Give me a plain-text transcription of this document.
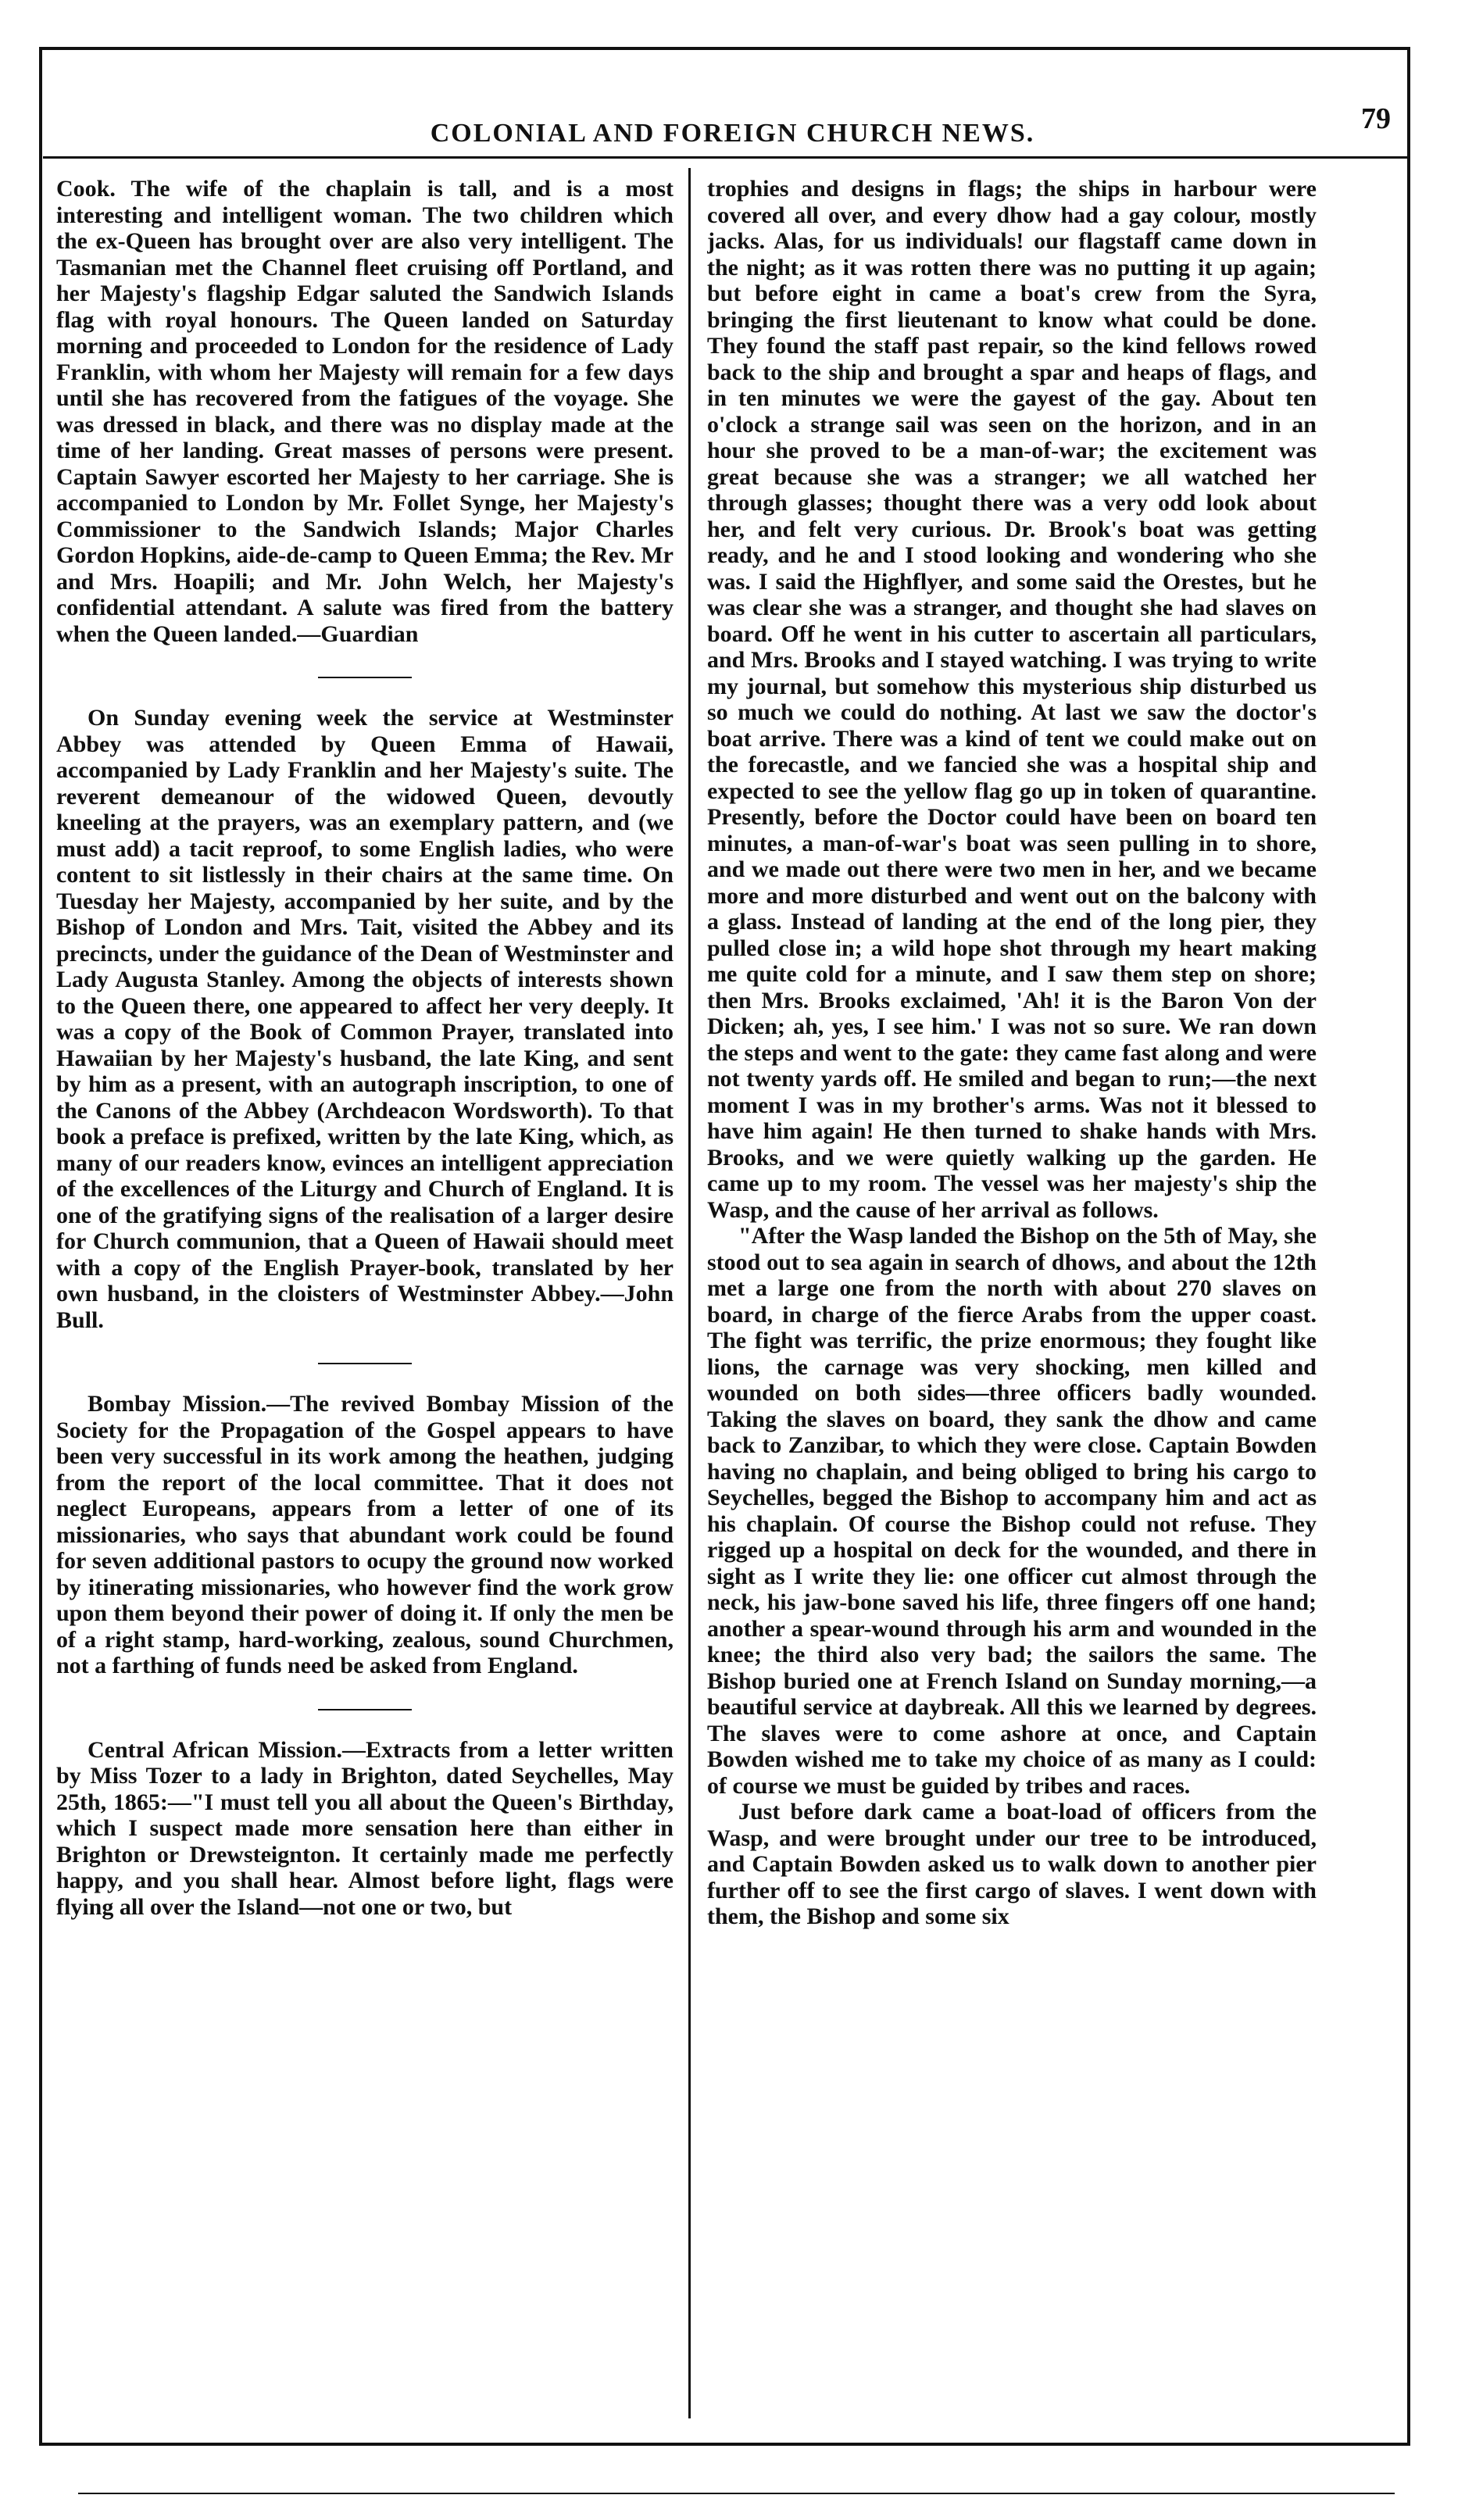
COLONIAL AND FOREIGN CHURCH NEWS.	79

Cook. The wife of the chaplain is tall, and is a most interesting and intelligent woman. The two children which the ex-Queen has brought over are also very intelligent. The Tasmanian met the Channel fleet cruising off Portland, and her Majesty's flagship Edgar saluted the Sandwich Islands flag with royal honours. The Queen landed on Saturday morning and proceeded to London for the residence of Lady Franklin, with whom her Majesty will remain for a few days until she has recovered from the fatigues of the voyage. She was dressed in black, and there was no display made at the time of her landing. Great masses of persons were present. Captain Sawyer escorted her Majesty to her carriage. She is accompanied to London by Mr. Follet Synge, her Majesty's Commissioner to the Sandwich Islands; Major Charles Gordon Hopkins, aide-de-camp to Queen Emma; the Rev. Mr and Mrs. Hoapili; and Mr. John Welch, her Majesty's confidential attendant. A salute was fired from the battery when the Queen landed.—Guardian

On Sunday evening week the service at Westminster Abbey was attended by Queen Emma of Hawaii, accompanied by Lady Franklin and her Majesty's suite. The reverent demeanour of the widowed Queen, devoutly kneeling at the prayers, was an exemplary pattern, and (we must add) a tacit reproof, to some English ladies, who were content to sit listlessly in their chairs at the same time. On Tuesday her Majesty, accompanied by her suite, and by the Bishop of London and Mrs. Tait, visited the Abbey and its precincts, under the guidance of the Dean of Westminster and Lady Augusta Stanley. Among the objects of interests shown to the Queen there, one appeared to affect her very deeply. It was a copy of the Book of Common Prayer, translated into Hawaiian by her Majesty's husband, the late King, and sent by him as a present, with an autograph inscription, to one of the Canons of the Abbey (Archdeacon Wordsworth). To that book a preface is prefixed, written by the late King, which, as many of our readers know, evinces an intelligent appreciation of the excellences of the Liturgy and Church of England. It is one of the gratifying signs of the realisation of a larger desire for Church communion, that a Queen of Hawaii should meet with a copy of the English Prayer-book, translated by her own husband, in the cloisters of Westminster Abbey.—John Bull.

Bombay Mission.—The revived Bombay Mission of the Society for the Propagation of the Gospel appears to have been very successful in its work among the heathen, judging from the report of the local committee. That it does not neglect Europeans, appears from a letter of one of its missionaries, who says that abundant work could be found for seven additional pastors to ocupy the ground now worked by itinerating missionaries, who however find the work grow upon them beyond their power of doing it. If only the men be of a right stamp, hard-working, zealous, sound Churchmen, not a farthing of funds need be asked from England.

Central African Mission.—Extracts from a letter written by Miss Tozer to a lady in Brighton, dated Seychelles, May 25th, 1865:—"I must tell you all about the Queen's Birthday, which I suspect made more sensation here than either in Brighton or Drewsteignton. It certainly made me perfectly happy, and you shall hear. Almost before light, flags were flying all over the Island—not one or two, but

trophies and designs in flags; the ships in harbour were covered all over, and every dhow had a gay colour, mostly jacks. Alas, for us individuals! our flagstaff came down in the night; as it was rotten there was no putting it up again; but before eight in came a boat's crew from the Syra, bringing the first lieutenant to know what could be done. They found the staff past repair, so the kind fellows rowed back to the ship and brought a spar and heaps of flags, and in ten minutes we were the gayest of the gay. About ten o'clock a strange sail was seen on the horizon, and in an hour she proved to be a man-of-war; the excitement was great because she was a stranger; we all watched her through glasses; thought there was a very odd look about her, and felt very curious. Dr. Brook's boat was getting ready, and he and I stood looking and wondering who she was. I said the Highflyer, and some said the Orestes, but he was clear she was a stranger, and thought she had slaves on board. Off he went in his cutter to ascertain all particulars, and Mrs. Brooks and I stayed watching. I was trying to write my journal, but somehow this mysterious ship disturbed us so much we could do nothing. At last we saw the doctor's boat arrive. There was a kind of tent we could make out on the forecastle, and we fancied she was a hospital ship and expected to see the yellow flag go up in token of quarantine. Presently, before the Doctor could have been on board ten minutes, a man-of-war's boat was seen pulling in to shore, and we made out there were two men in her, and we became more and more disturbed and went out on the balcony with a glass. Instead of landing at the end of the long pier, they pulled close in; a wild hope shot through my heart making me quite cold for a minute, and I saw them step on shore; then Mrs. Brooks exclaimed, 'Ah! it is the Baron Von der Dicken; ah, yes, I see him.' I was not so sure. We ran down the steps and went to the gate: they came fast along and were not twenty yards off. He smiled and began to run;—the next moment I was in my brother's arms. Was not it blessed to have him again! He then turned to shake hands with Mrs. Brooks, and we were quietly walking up the garden. He came up to my room. The vessel was her majesty's ship the Wasp, and the cause of her arrival as follows.

"After the Wasp landed the Bishop on the 5th of May, she stood out to sea again in search of dhows, and about the 12th met a large one from the north with about 270 slaves on board, in charge of the fierce Arabs from the upper coast. The fight was terrific, the prize enormous; they fought like lions, the carnage was very shocking, men killed and wounded on both sides—three officers badly wounded. Taking the slaves on board, they sank the dhow and came back to Zanzibar, to which they were close. Captain Bowden having no chaplain, and being obliged to bring his cargo to Seychelles, begged the Bishop to accompany him and act as his chaplain. Of course the Bishop could not refuse. They rigged up a hospital on deck for the wounded, and there in sight as I write they lie: one officer cut almost through the neck, his jaw-bone saved his life, three fingers off one hand; another a spear-wound through his arm and wounded in the knee; the third also very bad; the sailors the same. The Bishop buried one at French Island on Sunday morning,—a beautiful service at daybreak. All this we learned by degrees. The slaves were to come ashore at once, and Captain Bowden wished me to take my choice of as many as I could: of course we must be guided by tribes and races.

Just before dark came a boat-load of officers from the Wasp, and were brought under our tree to be introduced, and Captain Bowden asked us to walk down to another pier further off to see the first cargo of slaves. I went down with them, the Bishop and some six
